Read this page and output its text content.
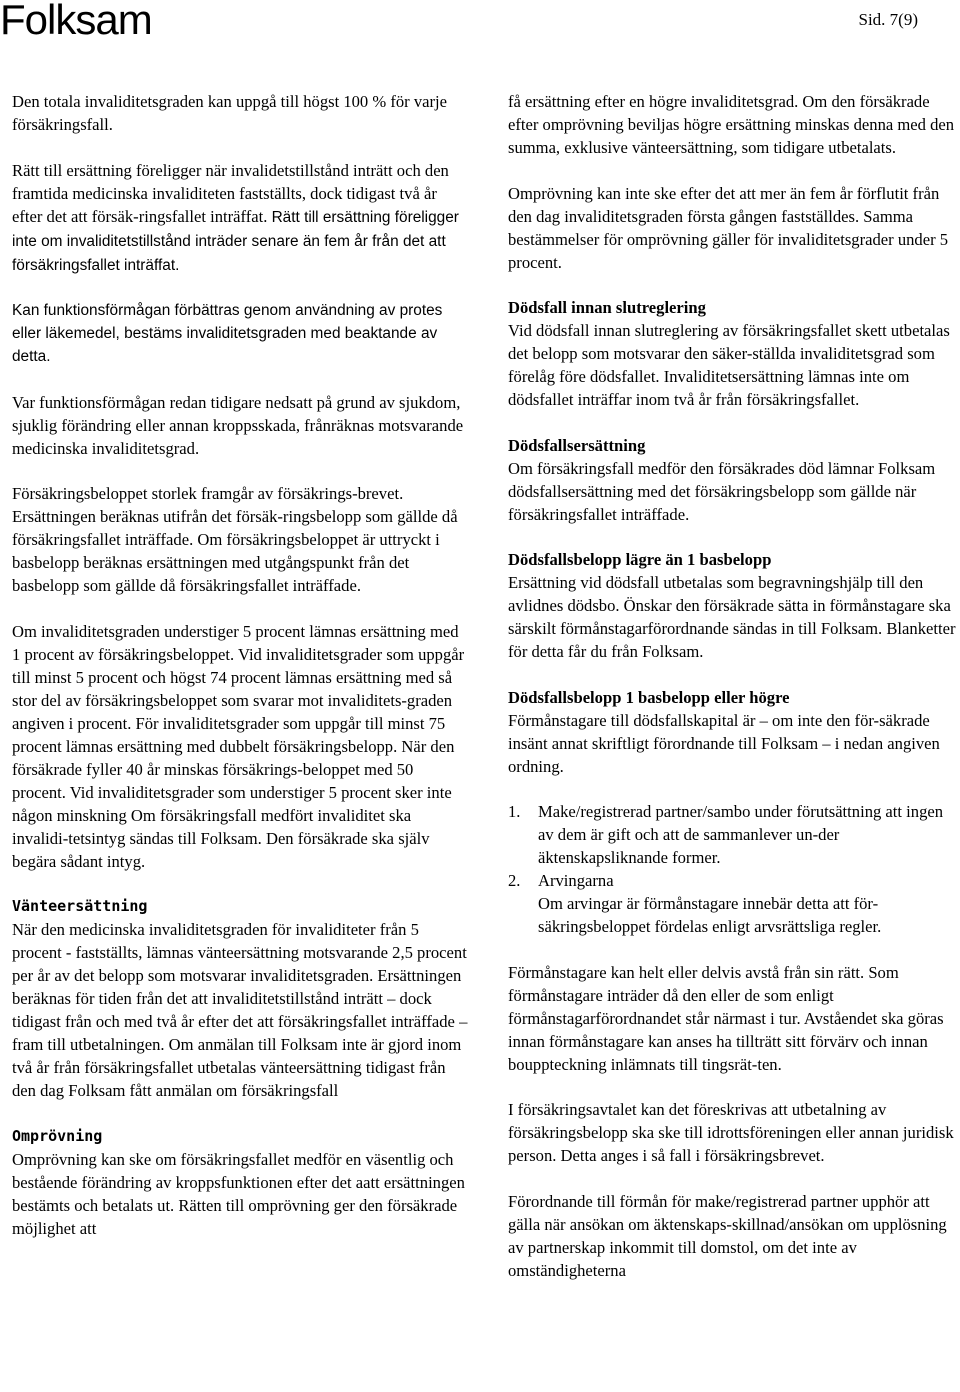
Folksam	Sid. 7(9)

Den totala invaliditetsgraden kan uppgå till högst 100 % för varje försäkringsfall.

Rätt till ersättning föreligger när invalidetstillstånd inträtt och den framtida medicinska invaliditeten fastställts, dock tidigast två år efter det att försäk-ringsfallet inträffat. Rätt till ersättning föreligger inte om invaliditetstillstånd inträder senare än fem år från det att försäkringsfallet inträffat.

Kan funktionsförmågan förbättras genom användning av protes eller läkemedel, bestäms invaliditetsgraden med beaktande av detta.

Var funktionsförmågan redan tidigare nedsatt på grund av sjukdom, sjuklig förändring eller annan kroppsskada, frånräknas motsvarande medicinska invaliditetsgrad.

Försäkringsbeloppet storlek framgår av försäkrings-brevet. Ersättningen beräknas utifrån det försäk-ringsbelopp som gällde då försäkringsfallet inträffade. Om försäkringsbeloppet är uttryckt i basbelopp beräknas ersättningen med utgångspunkt från det basbelopp som gällde då försäkringsfallet inträffade.

Om invaliditetsgraden understiger 5 procent lämnas ersättning med 1 procent av försäkringsbeloppet. Vid invaliditetsgrader som uppgår till minst 5 procent och högst 74 procent lämnas ersättning med så stor del av försäkringsbeloppet som svarar mot invaliditets-graden angiven i procent. För invaliditetsgrader som uppgår till minst 75 procent lämnas ersättning med dubbelt försäkringsbelopp. När den försäkrade fyller 40 år minskas försäkrings-beloppet med 50 procent. Vid invaliditetsgrader som understiger 5 procent sker inte någon minskning Om försäkringsfall medfört invaliditet ska invalidi-tetsintyg sändas till Folksam. Den försäkrade ska själv begära sådant intyg.

Vänteersättning
När den medicinska invaliditetsgraden för invaliditeter från 5 procent - fastställts, lämnas vänteersättning motsvarande 2,5 procent per år av det belopp som motsvarar invaliditetsgraden. Ersättningen beräknas för tiden från det att invaliditetstillstånd inträtt – dock tidigast från och med två år efter det att försäkringsfallet inträffade – fram till utbetalningen. Om anmälan till Folksam inte är gjord inom två år från försäkringsfallet utbetalas vänteersättning tidigast från den dag Folksam fått anmälan om försäkringsfall

Omprövning
Omprövning kan ske om försäkringsfallet medför en väsentlig och bestående förändring av kroppsfunktionen efter det aatt ersättningen bestämts och betalats ut. Rätten till omprövning ger den försäkrade möjlighet att

få ersättning efter en högre invaliditetsgrad. Om den försäkrade efter omprövning beviljas högre ersättning minskas denna med den summa, exklusive vänteersättning, som tidigare utbetalats.

Omprövning kan inte ske efter det att mer än fem år förflutit från den dag invaliditetsgraden första gången fastställdes. Samma bestämmelser för omprövning gäller för invaliditetsgrader under 5 procent.

Dödsfall innan slutreglering
Vid dödsfall innan slutreglering av försäkringsfallet skett utbetalas det belopp som motsvarar den säker-ställda invaliditetsgrad som förelåg före dödsfallet. Invaliditetsersättning lämnas inte om dödsfallet inträffar inom två år från försäkringsfallet.

Dödsfallsersättning
Om försäkringsfall medför den försäkrades död lämnar Folksam dödsfallsersättning med det försäkringsbelopp som gällde när försäkringsfallet inträffade.

Dödsfallsbelopp lägre än 1 basbelopp
Ersättning vid dödsfall utbetalas som begravningshjälp till den avlidnes dödsbo. Önskar den försäkrade sätta in förmånstagare ska särskilt förmånstagarförordnande sändas in till Folksam. Blanketter för detta får du från Folksam.

Dödsfallsbelopp 1 basbelopp eller högre
Förmånstagare till dödsfallskapital är – om inte den för-säkrade insänt annat skriftligt förordnande till Folksam – i nedan angiven ordning.

1.	Make/registrerad partner/sambo under förutsättning att ingen av dem är gift och att de sammanlever un-der äktenskapsliknande former.
2.	Arvingarna
Om arvingar är förmånstagare innebär detta att för-säkringsbeloppet fördelas enligt arvsrättsliga regler.

Förmånstagare kan helt eller delvis avstå från sin rätt. Som förmånstagare inträder då den eller de som enligt förmånstagarförordnandet står närmast i tur. Avståendet ska göras innan förmånstagare kan anses ha tillträtt sitt förvärv och innan bouppteckning inlämnats till tingsrät-ten.

I försäkringsavtalet kan det föreskrivas att utbetalning av försäkringsbelopp ska ske till idrottsföreningen eller annan juridisk person. Detta anges i så fall i försäkringsbrevet.

Förordnande till förmån för make/registrerad partner upphör att gälla när ansökan om äktenskaps-skillnad/ansökan om upplösning av partnerskap inkommit till domstol, om det inte av omständigheterna
